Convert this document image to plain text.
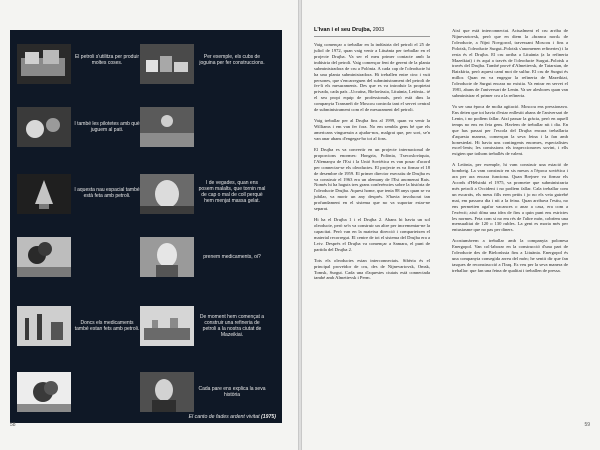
El petroli s'utilitza per produir moltes coses.
Per exemple, els cubs de joguina per fer construccions.
I també les pilotetes amb què juguem al pati.
I aquesta nau espacial també està feta amb petroli.
I de vegades, quan ens posem malalts, que tornin mal de cap o mal de coll perquè hem menjat massa gelat.
prenem medicaments, oi?
Doncs els medicaments també estan fets amb petroli.
De moment hem començat a construir una refineria de petroli a la nostra ciutat de Mazeikiai.
Cada pare ens explica la seva història
El canto de fades ardent vivitat (1975)
58
L'Ivan i el seu Drujba, 2003

Vaig començar a treballar en la indústria del petroli el 25 de juliol de 1972, quan vaig venir a Lituània per treballar en el projecte Drujba. Va ser el meu primer contacte amb la indústria del petroli. Vaig començar fent de gerent de la planta subministradora de cru a Polònia. A cada cap de l'oleoducte hi ha una planta subministradora. Hi treballen entre cinc i vuit persones, que s'encarreguen del subministrament del petroli de fer-li els mesuraments. Des que es va introduir la propietat privada, cada país –Ucraïna, Bielorússia, Lituània, Letònia– té el seu propi equip de professionals, però està dins la companyia Transneft de Moscou controla tant el servei central de subministrament com el de mesurament del petroli.

Vaig treballar per al Drujba fins al 1999, quan va venir la Williams i em van fer fora. No em sembla gens bé que els americans vinguessin a ajudar-nos, malgrat que, per sort, se'n van anar abans d'engegar-ho tot al fons.

El Drujba es va convertir en un projecte internacional de proporcions enormes: Hongria, Polònia, Txecoslovàquia, l'Alemanya de l'Est i la Unió Soviètica es van posar d'acord per connectar-se els oleoductes. El projecte es va firmar el 18 de desembre de 1959. El primer director executiu de Drujba es va construir el 1963 era un alemany de l'Est anomenat Rais. Només hi ha haguts tres grans conferències sobre la història de l'oleoducte Drujba. Aquest home, que tenia 88 anys quan se va jubilar, va morir un any després. S'havia involucrat tan profundament en el sistema que no va suportar estar-ne separat.

Hi ha el Drujba 1 i el Drujba 2. Abans hi havia un sol oleoducte, però se'n va construir un altre per incrementar-ne la capacitat. Però van en la mateixa direcció i comparteixen el material recorregut. El centre de tot el sistema del Drujba era a Lviv. Després el Drujba va començar a Samara, el punt de partida del Drujba 2.

Tots els oleoductes estan interconnectats. Sibèria és el principal proveïdor de cru, des de Nijnevartovsk, Omsk, Tomsk, Surgut. Cada una d'aquestes ciutats està connectada també amb Almetievsk i Perm.

Així que està interconnectat. Actualment el cru arriba de Nijnevartovsk, però que en diem la «branca nord» de l'oleoducte, a Nijni Novgorod, travessant Moscou i fins a Polotsk, l'oleoducte Surgut–Polotsk s'anomenen refineries) i la resta és el Drujba. El cru arriba a Lituània (a la refineria Mazeikiai) i és aquí a través de l'oleoducte Surgut–Polotsk a través del Drujba. També prové d'Almetievsk, de Tatarstan, de Baixkíria, però aquest camí mot de sulfur. El cru de Surgut és millor. Quan en va engegar la refineria de Mazeikiai, l'oleoducte de Surgut encara no existia. Va entrar en servei el 1981, abans de l'aniversari de Lenin. Va ser alesbores quan van subministrar el primer cru a la refineria.

Va ser una època de molta agitació. Moscou ens pressionava. Ens deien que tot havia d'estar enllestit abans de l'aniversari de Lenin, i no podíem fallar. Així passar la gràcia, però en aquell temps no ens en feia gens. Havíem de treballar nit i dia. En que has passat per l'escola del Drujba encara treballaria d'aquesta manera, començan la seva feina i la fan amb honestedat. Hi havia uns contingents enormes, especialistes excel·lents; les comissions els inspeccionaves sovint, i ells exigien que tothom treballés de valent.

A Letònia, per exemple, hi vam construir una estació de bombeig. La vam construir en sis mesos a l'època soviètica i ara per ara encara funciona. Quan Brejnev va firmar els Acords d'Hèlsinki el 1975, va prometre que subministraria més petroli a Occident i no podíem fallar. Cala treballar com un escarràs, els meus fills eren petits i jo no els veia gairebé mai, em passava dia i nit a la feina. Quan arribava l'estiu, no ens permetien agafar vacances o anar a casa, era com a l'exèrcit; això dóna una idea de fins a quin punt ens estrictes les normes. Feia com si no em rés de l'altre món, cobríem una mensualitat de 120 o 130 rubles. La gent es moria més per entusiasme que no pas per diners.

Acostumàvem a treballar amb la companyia polonesa Energopol. Van col·laborar en la construcció d'una part de l'oleoducte des de Bielorússia fins a Lituània. Energopol és una companyia consegida arreu del món; he sentit dir que fan tasques de reconstrucció a l'Iraq. Es veu per la seva manera de treballar: que fan una feina de qualitat i treballen de pressa.

59
